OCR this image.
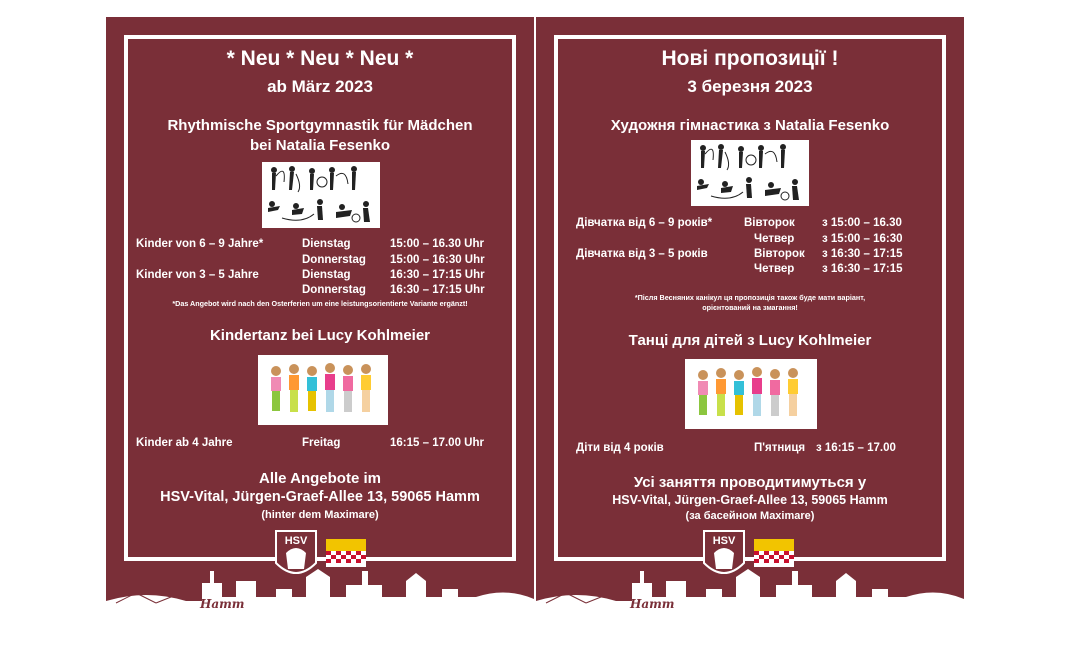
* Neu * Neu * Neu *
ab März 2023
Rhythmische Sportgymnastik für Mädchen
bei Natalia Fesenko
Kinder von 6 – 9 Jahre*	Dienstag	15:00 – 16.30 Uhr
Donnerstag 15:00 – 16:30 Uhr
Kinder von 3 – 5 Jahre	Dienstag	16:30 – 17:15 Uhr
Donnerstag 16:30 – 17:15 Uhr
*Das Angebot wird nach den Osterferien um eine leistungsorientierte Variante ergänzt!
Kindertanz bei Lucy Kohlmeier
Kinder ab 4 Jahre	Freitag	16:15 – 17.00 Uhr
Alle Angebote im
HSV-Vital, Jürgen-Graef-Allee 13, 59065 Hamm
(hinter dem Maximare)
HSV
Hamm
Нові пропозиції !
3 березня 2023
Художня гімнастика з Natalia Fesenko
Дівчатка від 6 – 9 років*	Вівторок з 15:00 – 16.30
Четвер з 15:00 – 16:30
Дівчатка від 3 – 5 років	Вівторок з 16:30 – 17:15
Четвер з 16:30 – 17:15
*Після Весняних канікул ця пропозиція також буде мати варіант,
орієнтований на змагання!
Танці для дітей з Lucy Kohlmeier
Діти від 4 років	П'ятниця з 16:15 – 17.00
Усі заняття проводитимуться у
HSV-Vital, Jürgen-Graef-Allee 13, 59065 Hamm
(за басейном Maximare)
HSV
Hamm
